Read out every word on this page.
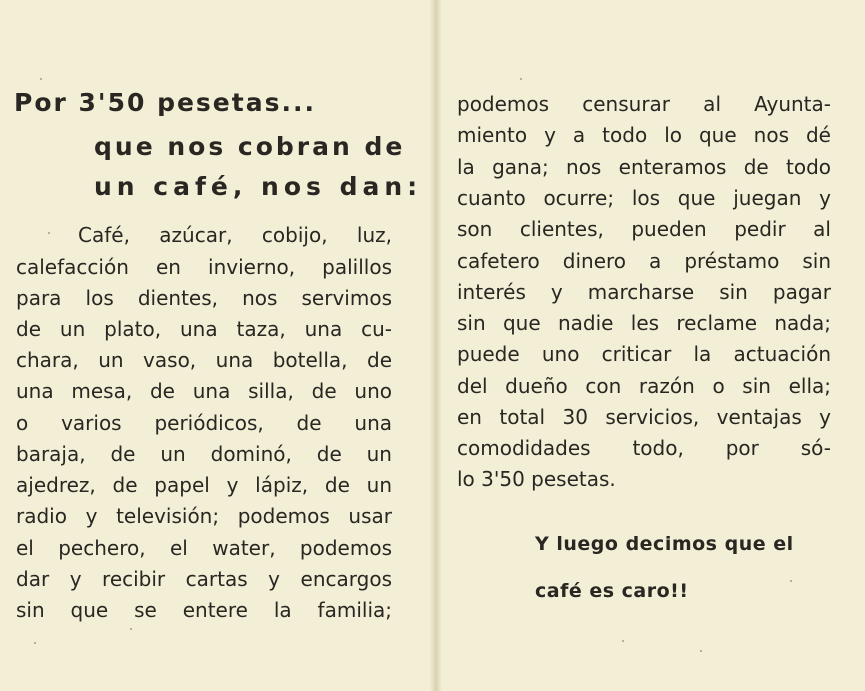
Por 3'50 pesetas...
que nos cobran de
un café, nos dan:
Café, azúcar, cobijo, luz,
calefacción en invierno, palillos
para los dientes, nos servimos
de un plato, una taza, una cu-
chara, un vaso, una botella, de
una mesa, de una silla, de uno
o varios periódicos, de una
baraja, de un dominó, de un
ajedrez, de papel y lápiz, de un
radio y televisión; podemos usar
el pechero, el water, podemos
dar y recibir cartas y encargos
sin que se entere la familia;
podemos censurar al Ayunta-
miento y a todo lo que nos dé
la gana; nos enteramos de todo
cuanto ocurre; los que juegan y
son clientes, pueden pedir al
cafetero dinero a préstamo sin
interés y marcharse sin pagar
sin que nadie les reclame nada;
puede uno criticar la actuación
del dueño con razón o sin ella;
en total 30 servicios, ventajas y
comodidades todo, por só-
lo 3'50 pesetas.
Y luego decimos que el
café es caro!!
